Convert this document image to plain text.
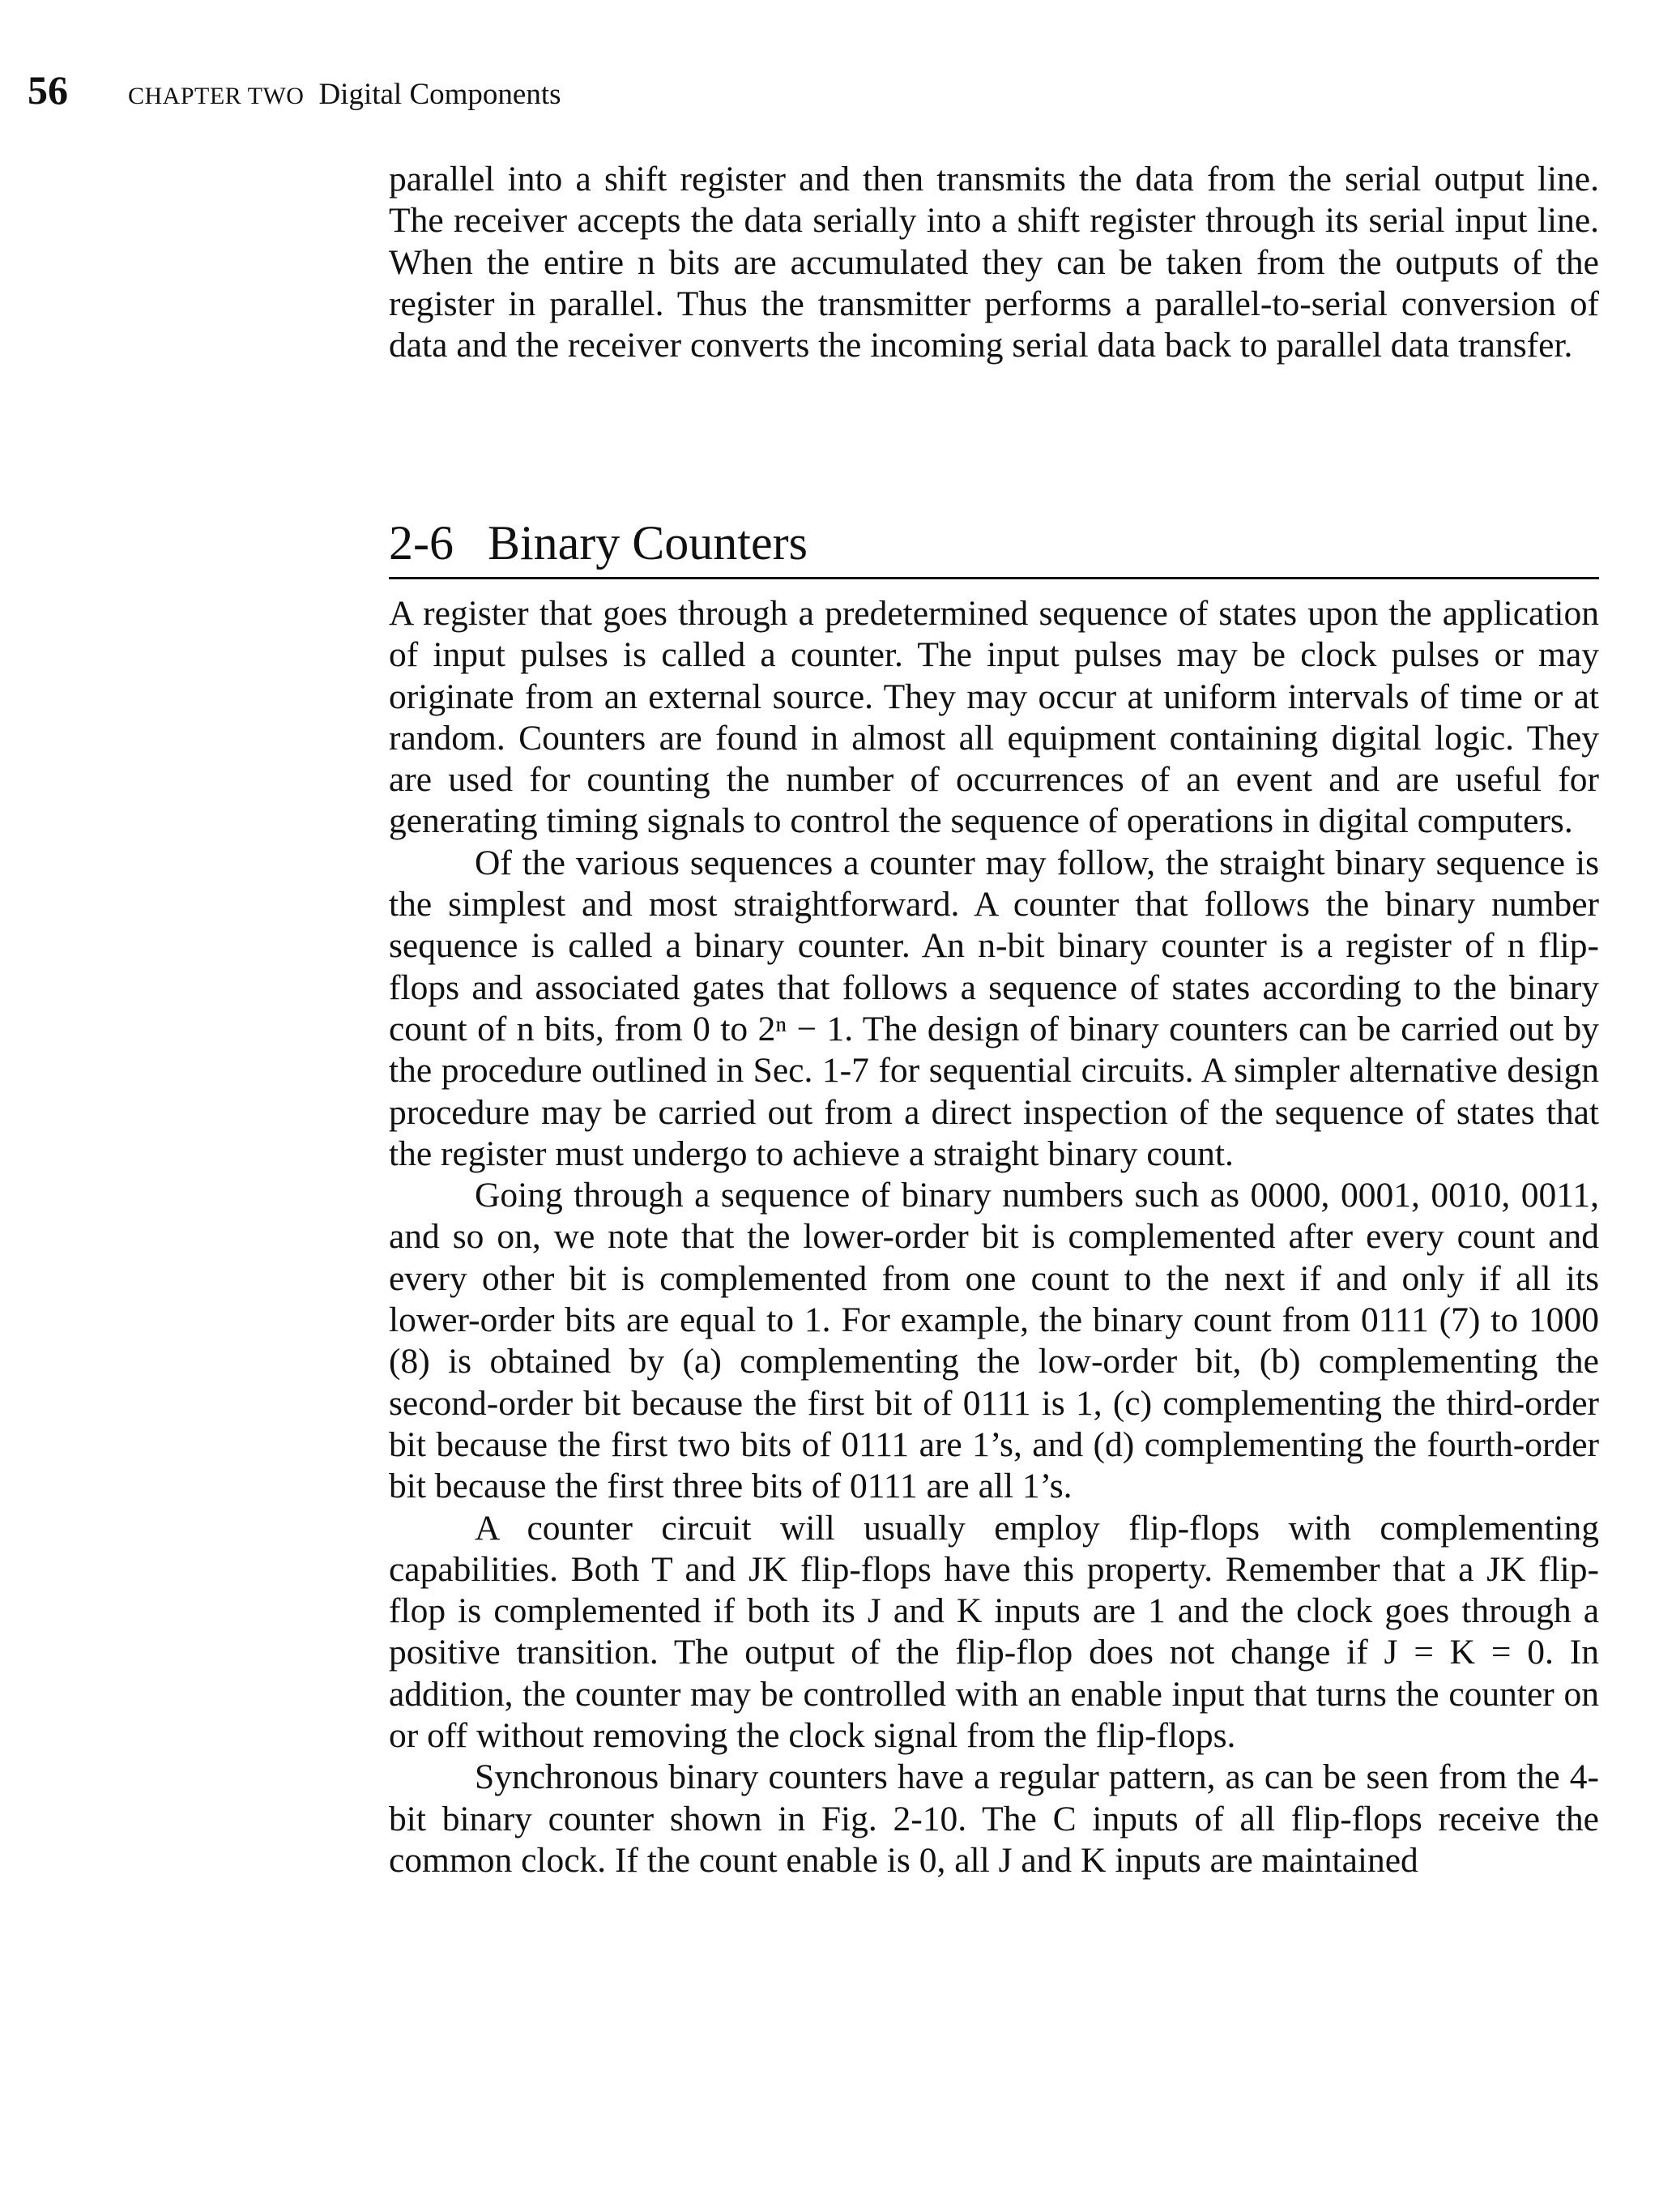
56 CHAPTER TWO Digital Components

parallel into a shift register and then transmits the data from the serial output line. The receiver accepts the data serially into a shift register through its serial input line. When the entire n bits are accumulated they can be taken from the outputs of the register in parallel. Thus the transmitter performs a parallel-to-serial conversion of data and the receiver converts the incoming serial data back to parallel data transfer.

2-6 Binary Counters

A register that goes through a predetermined sequence of states upon the application of input pulses is called a counter. The input pulses may be clock pulses or may originate from an external source. They may occur at uniform intervals of time or at random. Counters are found in almost all equipment containing digital logic. They are used for counting the number of occurrences of an event and are useful for generating timing signals to control the sequence of operations in digital computers.

Of the various sequences a counter may follow, the straight binary sequence is the simplest and most straightforward. A counter that follows the binary number sequence is called a binary counter. An n-bit binary counter is a register of n flip-flops and associated gates that follows a sequence of states according to the binary count of n bits, from 0 to 2ⁿ − 1. The design of binary counters can be carried out by the procedure outlined in Sec. 1-7 for sequential circuits. A simpler alternative design procedure may be carried out from a direct inspection of the sequence of states that the register must undergo to achieve a straight binary count.

Going through a sequence of binary numbers such as 0000, 0001, 0010, 0011, and so on, we note that the lower-order bit is complemented after every count and every other bit is complemented from one count to the next if and only if all its lower-order bits are equal to 1. For example, the binary count from 0111 (7) to 1000 (8) is obtained by (a) complementing the low-order bit, (b) complementing the second-order bit because the first bit of 0111 is 1, (c) complementing the third-order bit because the first two bits of 0111 are 1’s, and (d) complementing the fourth-order bit because the first three bits of 0111 are all 1’s.

A counter circuit will usually employ flip-flops with complementing capabilities. Both T and JK flip-flops have this property. Remember that a JK flip-flop is complemented if both its J and K inputs are 1 and the clock goes through a positive transition. The output of the flip-flop does not change if J = K = 0. In addition, the counter may be controlled with an enable input that turns the counter on or off without removing the clock signal from the flip-flops.

Synchronous binary counters have a regular pattern, as can be seen from the 4-bit binary counter shown in Fig. 2-10. The C inputs of all flip-flops receive the common clock. If the count enable is 0, all J and K inputs are maintained
